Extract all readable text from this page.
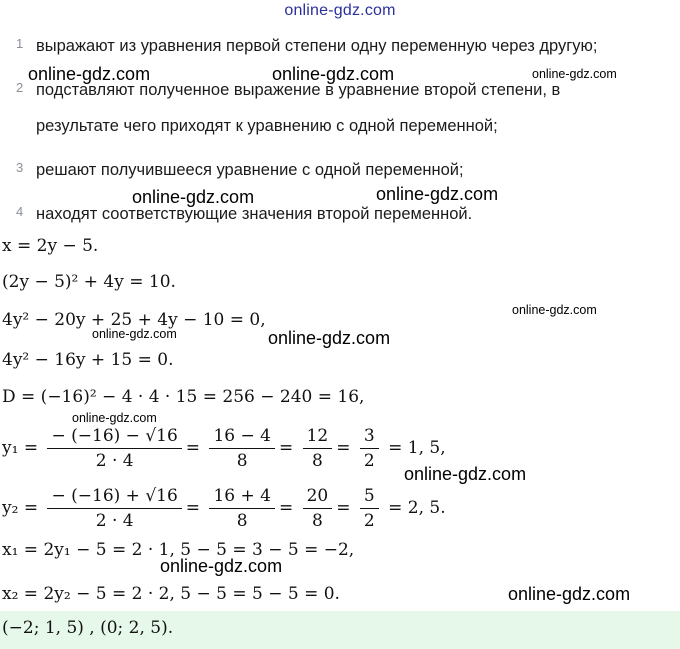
online-gdz.com
1 выражают из уравнения первой степени одну переменную через другую;
2 подставляют полученное выражение в уравнение второй степени, в
результате чего приходят к уравнению с одной переменной;
3 решают получившееся уравнение с одной переменной;
4 находят соответствующие значения второй переменной.
online-gdz.com	online-gdz.com	online-gdz.com
online-gdz.com	online-gdz.com
online-gdz.com
online-gdz.com	online-gdz.com
online-gdz.com
online-gdz.com
online-gdz.com
online-gdz.com
x = 2y − 5.
(2y − 5)² + 4y = 10.
4y² − 20y + 25 + 4y − 10 = 0,
4y² − 16y + 15 = 0.
D = (−16)² − 4 · 4 · 15 = 256 − 240 = 16,
$y_1 = \frac{- (-16) - √16}{2 \cdot 4} = \frac{16 - 4}{8} = \frac{12}{8} = \frac{3}{2} = 1$, 5,
$y_2 = \frac{- (-16) + √16}{2 \cdot 4} = \frac{16 + 4}{8} = \frac{20}{8} = \frac{5}{2} = 2$, 5.
x₁ = 2y₁ − 5 = 2 · 1, 5 − 5 = 3 − 5 = −2,
x₂ = 2y₂ − 5 = 2 · 2, 5 − 5 = 5 − 5 = 0.
(−2; 1, 5) , (0; 2, 5).
